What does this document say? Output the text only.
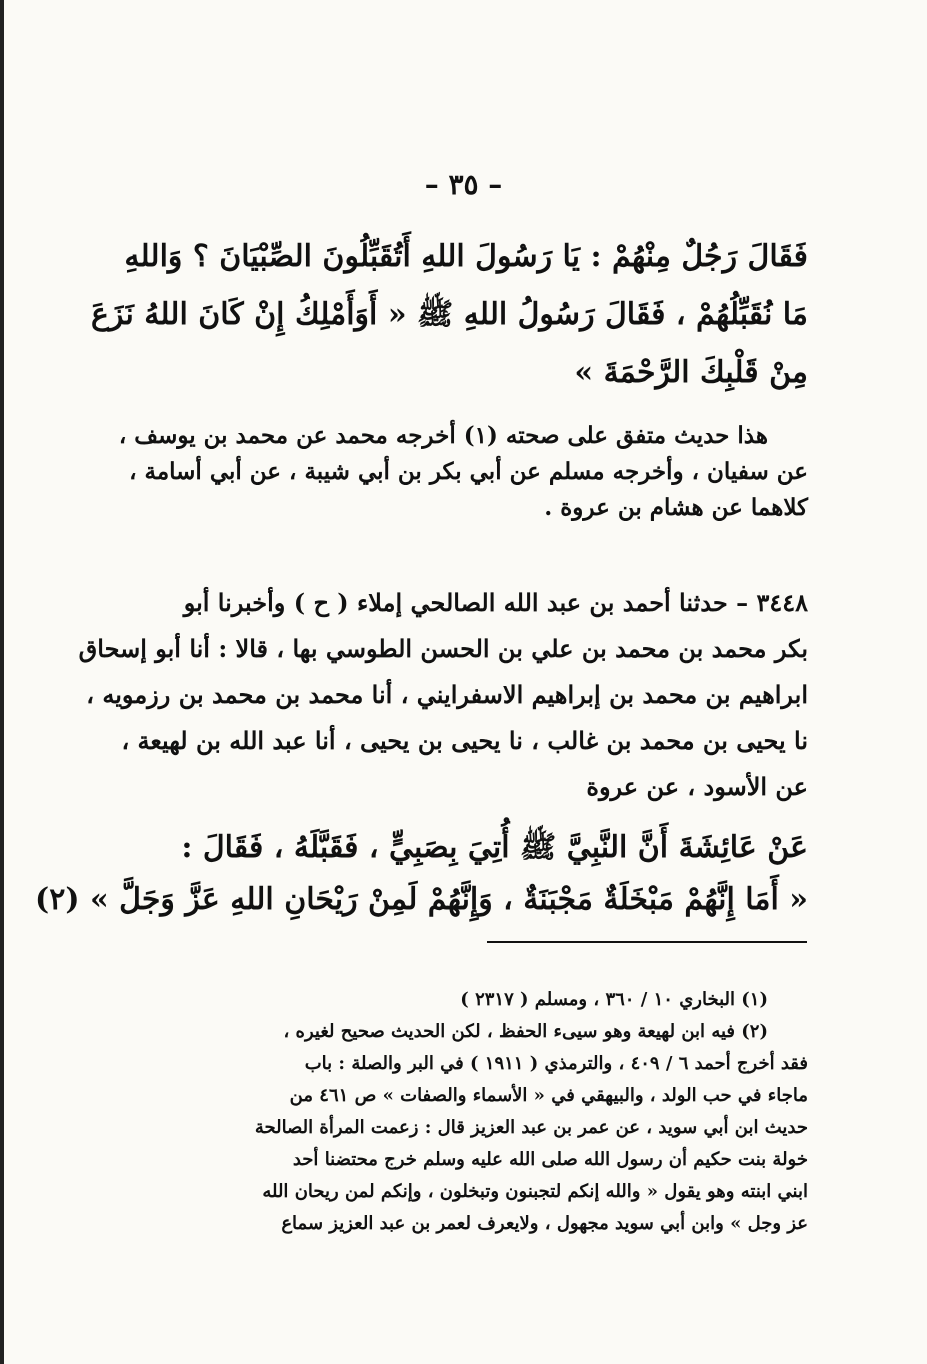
– ٣٥ –
فَقَالَ رَجُلٌ مِنْهُمْ : يَا رَسُولَ اللهِ أَتُقَبِّلُونَ الصِّبْيَانَ ؟ وَاللهِ
مَا نُقَبِّلُهُمْ ، فَقَالَ رَسُولُ اللهِ ﷺ « أَوَأَمْلِكُ إِنْ كَانَ اللهُ نَزَعَ
مِنْ قَلْبِكَ الرَّحْمَةَ »
هذا حديث متفق على صحته (١) أخرجه محمد عن محمد بن يوسف ،
عن سفيان ، وأخرجه مسلم عن أبي بكر بن أبي شيبة ، عن أبي أسامة ،
كلاهما عن هشام بن عروة .
٣٤٤٨ – حدثنا أحمد بن عبد الله الصالحي إملاء ( ح ) وأخبرنا أبو
بكر محمد بن محمد بن علي بن الحسن الطوسي بها ، قالا : أنا أبو إسحاق
ابراهيم بن محمد بن إبراهيم الاسفرايني ، أنا محمد بن محمد بن رزمويه ،
نا يحيى بن محمد بن غالب ، نا يحيى بن يحيى ، أنا عبد الله بن لهيعة ،
عن الأسود ، عن عروة
عَنْ عَائِشَةَ أَنَّ النَّبِيَّ ﷺ أُتِيَ بِصَبِيٍّ ، فَقَبَّلَهُ ، فَقَالَ :
« أَمَا إِنَّهُمْ مَبْخَلَةٌ مَجْبَنَةٌ ، وَإِنَّهُمْ لَمِنْ رَيْحَانِ اللهِ عَزَّ وَجَلَّ » (٢)
(١) البخاري ١٠ / ٣٦٠ ، ومسلم ( ٢٣١٧ )
(٢) فيه ابن لهيعة وهو سيىء الحفظ ، لكن الحديث صحيح لغيره ،
فقد أخرج أحمد ٦ / ٤٠٩ ، والترمذي ( ١٩١١ ) في البر والصلة : باب
ماجاء في حب الولد ، والبيهقي في « الأسماء والصفات » ص ٤٦١ من
حديث ابن أبي سويد ، عن عمر بن عبد العزيز قال : زعمت المرأة الصالحة
خولة بنت حكيم أن رسول الله صلى الله عليه وسلم خرج محتضنا أحد
ابني ابنته وهو يقول « والله إنكم لتجبنون وتبخلون ، وإنكم لمن ريحان الله
عز وجل » وابن أبي سويد مجهول ، ولايعرف لعمر بن عبد العزيز سماع
